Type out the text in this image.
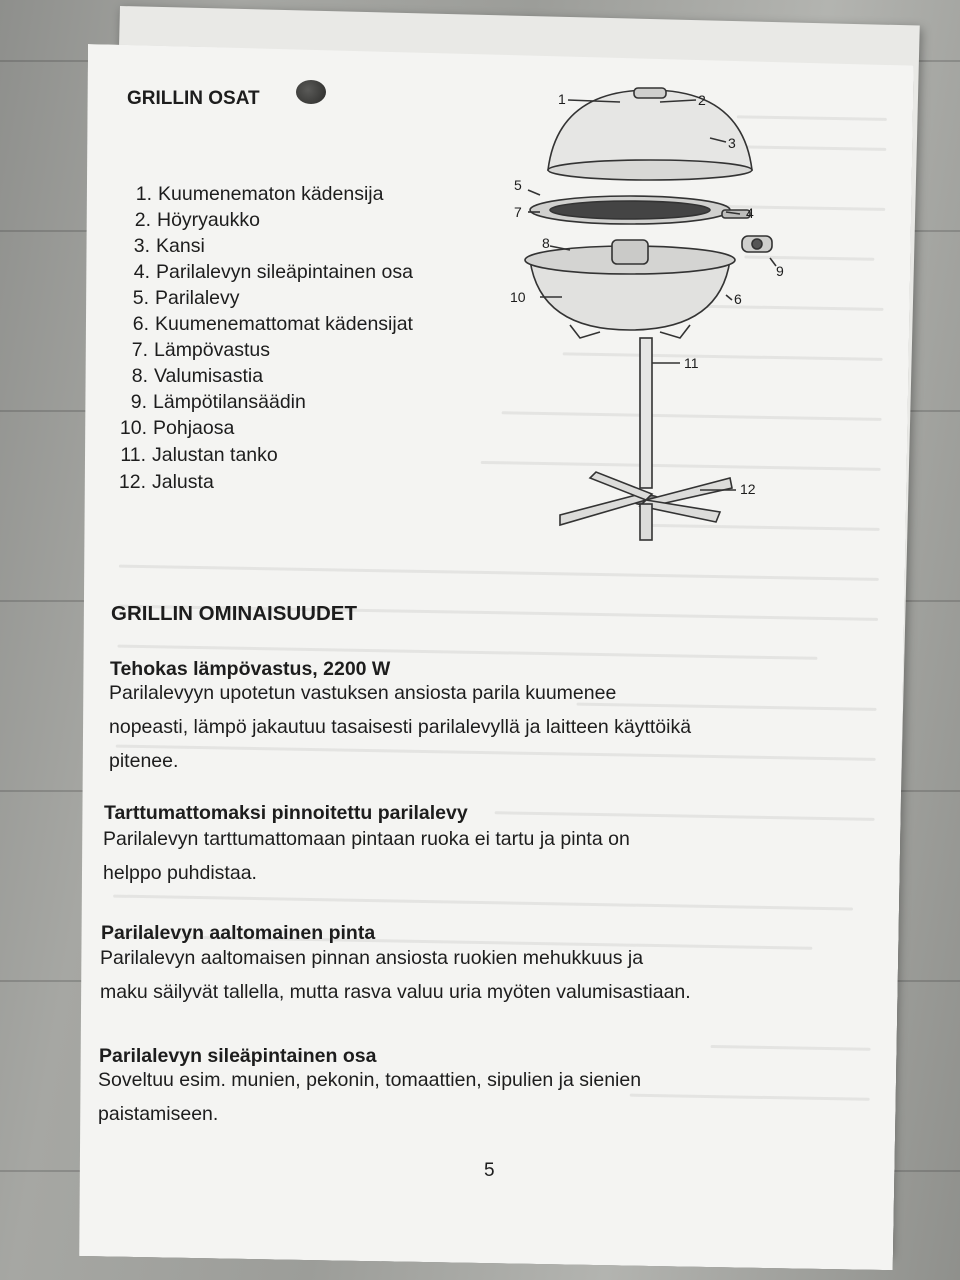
GRILLIN OSAT
1. Kuumenematon kädensija
2. Höyryaukko
3. Kansi
4. Parilalevyn sileäpintainen osa
5. Parilalevy
6. Kuumenemattomat kädensijat
7. Lämpövastus
8. Valumisastia
9. Lämpötilansäädin
10. Pohjaosa
11. Jalustan tanko
12. Jalusta
1	2
3
5
7	4
8
9
10	6
11
12
GRILLIN OMINAISUUDET
Tehokas lämpövastus, 2200 W
Parilalevyyn upotetun vastuksen ansiosta parila kuumenee
nopeasti, lämpö jakautuu tasaisesti parilalevyllä ja laitteen käyttöikä
pitenee.
Tarttumattomaksi pinnoitettu parilalevy
Parilalevyn tarttumattomaan pintaan ruoka ei tartu ja pinta on
helppo puhdistaa.
Parilalevyn aaltomainen pinta
Parilalevyn aaltomaisen pinnan ansiosta ruokien mehukkuus ja
maku säilyvät tallella, mutta rasva valuu uria myöten valumisastiaan.
Parilalevyn sileäpintainen osa
Soveltuu esim. munien, pekonin, tomaattien, sipulien ja sienien
paistamiseen.
5
